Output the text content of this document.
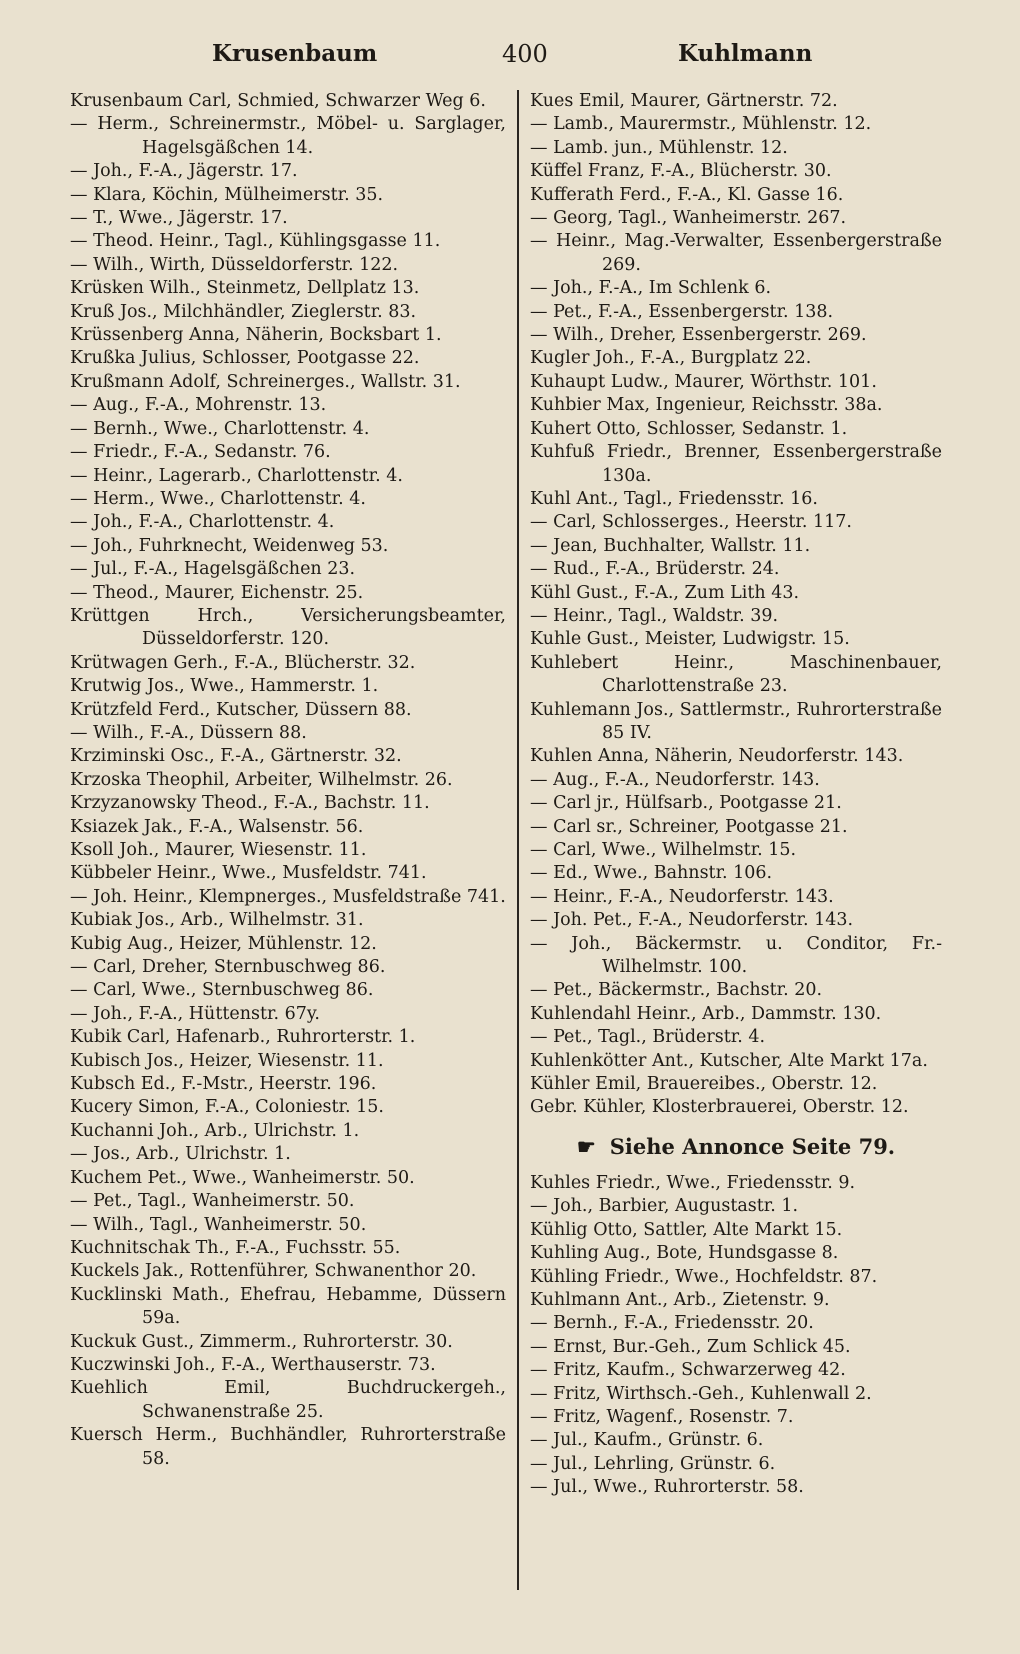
Krusenbaum	400	Kuhlmann

Krusenbaum Carl, Schmied, Schwarzer Weg 6.

— Herm., Schreinermstr., Möbel- u. Sarglager, Hagelsgäßchen 14.

— Joh., F.-A., Jägerstr. 17.

— Klara, Köchin, Mülheimerstr. 35.

— T., Wwe., Jägerstr. 17.

— Theod. Heinr., Tagl., Kühlingsgasse 11.

— Wilh., Wirth, Düsseldorferstr. 122.

Krüsken Wilh., Steinmetz, Dellplatz 13.

Kruß Jos., Milchhändler, Zieglerstr. 83.

Krüssenberg Anna, Näherin, Bocksbart 1.

Krußka Julius, Schlosser, Pootgasse 22.

Krußmann Adolf, Schreinerges., Wallstr. 31.

— Aug., F.-A., Mohrenstr. 13.

— Bernh., Wwe., Charlottenstr. 4.

— Friedr., F.-A., Sedanstr. 76.

— Heinr., Lagerarb., Charlottenstr. 4.

— Herm., Wwe., Charlottenstr. 4.

— Joh., F.-A., Charlottenstr. 4.

— Joh., Fuhrknecht, Weidenweg 53.

— Jul., F.-A., Hagelsgäßchen 23.

— Theod., Maurer, Eichenstr. 25.

Krüttgen Hrch., Versicherungsbeamter, Düsseldorferstr. 120.

Krütwagen Gerh., F.-A., Blücherstr. 32.

Krutwig Jos., Wwe., Hammerstr. 1.

Krützfeld Ferd., Kutscher, Düssern 88.

— Wilh., F.-A., Düssern 88.

Krziminski Osc., F.-A., Gärtnerstr. 32.

Krzoska Theophil, Arbeiter, Wilhelmstr. 26.

Krzyzanowsky Theod., F.-A., Bachstr. 11.

Ksiazek Jak., F.-A., Walsenstr. 56.

Ksoll Joh., Maurer, Wiesenstr. 11.

Kübbeler Heinr., Wwe., Musfeldstr. 741.

— Joh. Heinr., Klempnerges., Musfeldstraße 741.

Kubiak Jos., Arb., Wilhelmstr. 31.

Kubig Aug., Heizer, Mühlenstr. 12.

— Carl, Dreher, Sternbuschweg 86.

— Carl, Wwe., Sternbuschweg 86.

— Joh., F.-A., Hüttenstr. 67y.

Kubik Carl, Hafenarb., Ruhrorterstr. 1.

Kubisch Jos., Heizer, Wiesenstr. 11.

Kubsch Ed., F.-Mstr., Heerstr. 196.

Kucery Simon, F.-A., Coloniestr. 15.

Kuchanni Joh., Arb., Ulrichstr. 1.

— Jos., Arb., Ulrichstr. 1.

Kuchem Pet., Wwe., Wanheimerstr. 50.

— Pet., Tagl., Wanheimerstr. 50.

— Wilh., Tagl., Wanheimerstr. 50.

Kuchnitschak Th., F.-A., Fuchsstr. 55.

Kuckels Jak., Rottenführer, Schwanenthor 20.

Kucklinski Math., Ehefrau, Hebamme, Düssern 59a.

Kuckuk Gust., Zimmerm., Ruhrorterstr. 30.

Kuczwinski Joh., F.-A., Werthauserstr. 73.

Kuehlich Emil, Buchdruckergeh., Schwanenstraße 25.

Kuersch Herm., Buchhändler, Ruhrorterstraße 58.

Kues Emil, Maurer, Gärtnerstr. 72.

— Lamb., Maurermstr., Mühlenstr. 12.

— Lamb. jun., Mühlenstr. 12.

Küffel Franz, F.-A., Blücherstr. 30.

Kufferath Ferd., F.-A., Kl. Gasse 16.

— Georg, Tagl., Wanheimerstr. 267.

— Heinr., Mag.-Verwalter, Essenbergerstraße 269.

— Joh., F.-A., Im Schlenk 6.

— Pet., F.-A., Essenbergerstr. 138.

— Wilh., Dreher, Essenbergerstr. 269.

Kugler Joh., F.-A., Burgplatz 22.

Kuhaupt Ludw., Maurer, Wörthstr. 101.

Kuhbier Max, Ingenieur, Reichsstr. 38a.

Kuhert Otto, Schlosser, Sedanstr. 1.

Kuhfuß Friedr., Brenner, Essenbergerstraße 130a.

Kuhl Ant., Tagl., Friedensstr. 16.

— Carl, Schlosserges., Heerstr. 117.

— Jean, Buchhalter, Wallstr. 11.

— Rud., F.-A., Brüderstr. 24.

Kühl Gust., F.-A., Zum Lith 43.

— Heinr., Tagl., Waldstr. 39.

Kuhle Gust., Meister, Ludwigstr. 15.

Kuhlebert Heinr., Maschinenbauer, Charlottenstraße 23.

Kuhlemann Jos., Sattlermstr., Ruhrorterstraße 85 IV.

Kuhlen Anna, Näherin, Neudorferstr. 143.

— Aug., F.-A., Neudorferstr. 143.

— Carl jr., Hülfsarb., Pootgasse 21.

— Carl sr., Schreiner, Pootgasse 21.

— Carl, Wwe., Wilhelmstr. 15.

— Ed., Wwe., Bahnstr. 106.

— Heinr., F.-A., Neudorferstr. 143.

— Joh. Pet., F.-A., Neudorferstr. 143.

— Joh., Bäckermstr. u. Conditor, Fr.-Wilhelmstr. 100.

— Pet., Bäckermstr., Bachstr. 20.

Kuhlendahl Heinr., Arb., Dammstr. 130.

— Pet., Tagl., Brüderstr. 4.

Kuhlenkötter Ant., Kutscher, Alte Markt 17a.

Kühler Emil, Brauereibes., Oberstr. 12.

Gebr. Kühler, Klosterbrauerei, Oberstr. 12.

☛ Siehe Annonce Seite 79.

Kuhles Friedr., Wwe., Friedensstr. 9.

— Joh., Barbier, Augustastr. 1.

Kühlig Otto, Sattler, Alte Markt 15.

Kuhling Aug., Bote, Hundsgasse 8.

Kühling Friedr., Wwe., Hochfeldstr. 87.

Kuhlmann Ant., Arb., Zietenstr. 9.

— Bernh., F.-A., Friedensstr. 20.

— Ernst, Bur.-Geh., Zum Schlick 45.

— Fritz, Kaufm., Schwarzerweg 42.

— Fritz, Wirthsch.-Geh., Kuhlenwall 2.

— Fritz, Wagenf., Rosenstr. 7.

— Jul., Kaufm., Grünstr. 6.

— Jul., Lehrling, Grünstr. 6.

— Jul., Wwe., Ruhrorterstr. 58.
